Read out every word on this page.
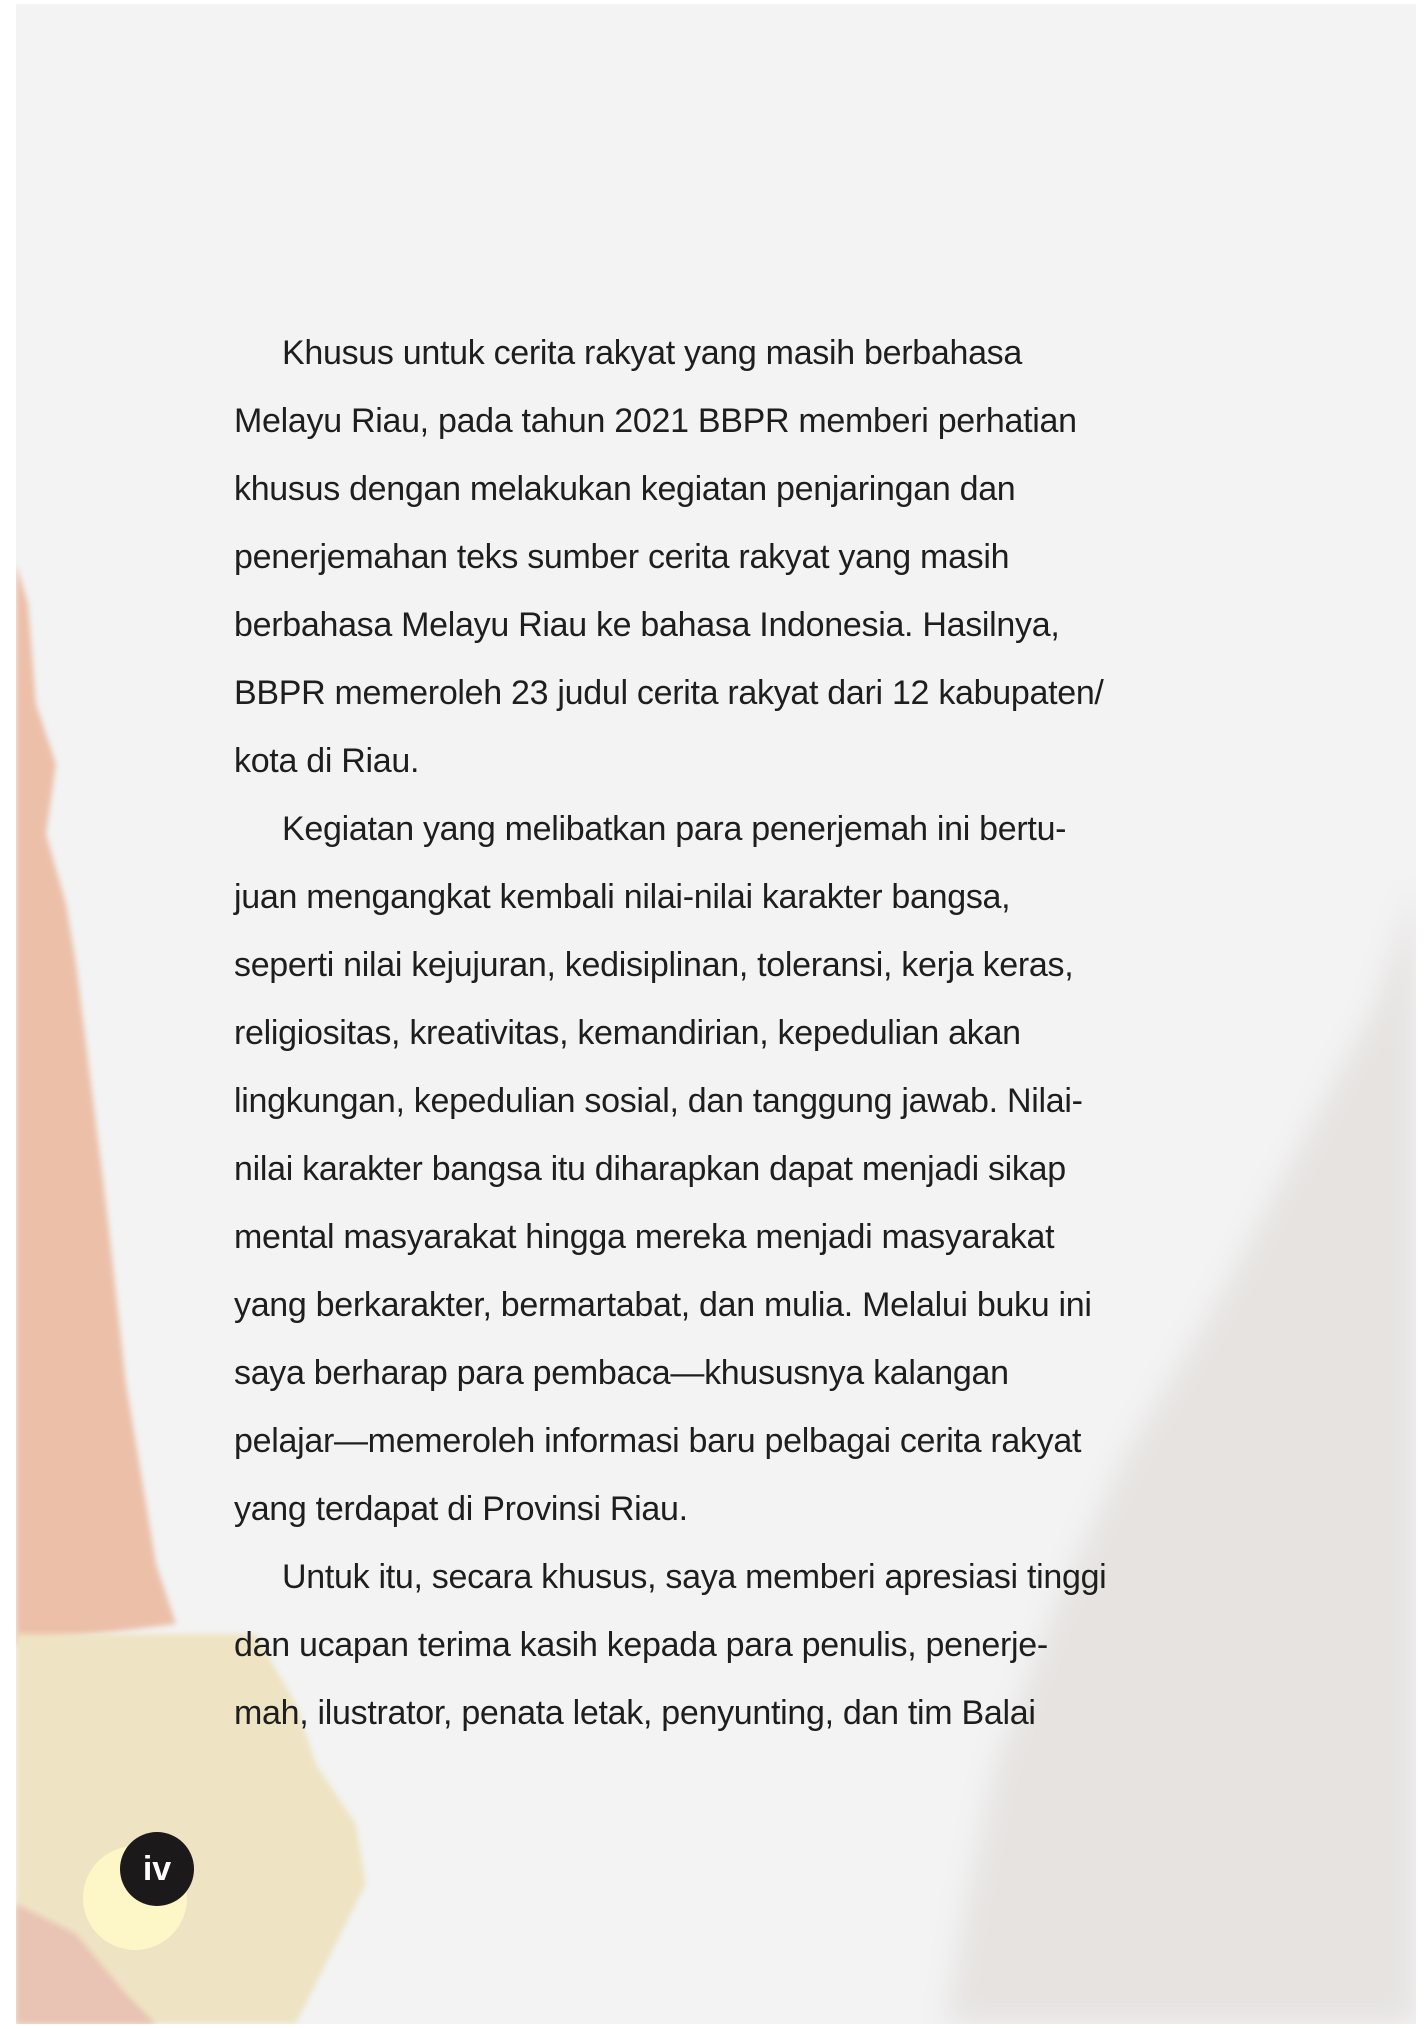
Khusus untuk cerita rakyat yang masih berbahasa
Melayu Riau, pada tahun 2021 BBPR memberi perhatian
khusus dengan melakukan kegiatan penjaringan dan
penerjemahan teks sumber cerita rakyat yang masih
berbahasa Melayu Riau ke bahasa Indonesia. Hasilnya,
BBPR memeroleh 23 judul cerita rakyat dari 12 kabupaten/
kota di Riau.
Kegiatan yang melibatkan para penerjemah ini bertu-
juan mengangkat kembali nilai-nilai karakter bangsa,
seperti nilai kejujuran, kedisiplinan, toleransi, kerja keras,
religiositas, kreativitas, kemandirian, kepedulian akan
lingkungan, kepedulian sosial, dan tanggung jawab. Nilai-
nilai karakter bangsa itu diharapkan dapat menjadi sikap
mental masyarakat hingga mereka menjadi masyarakat
yang berkarakter, bermartabat, dan mulia. Melalui buku ini
saya berharap para pembaca—khususnya kalangan
pelajar—memeroleh informasi baru pelbagai cerita rakyat
yang terdapat di Provinsi Riau.
Untuk itu, secara khusus, saya memberi apresiasi tinggi
dan ucapan terima kasih kepada para penulis, penerje-
mah, ilustrator, penata letak, penyunting, dan tim Balai
iv
